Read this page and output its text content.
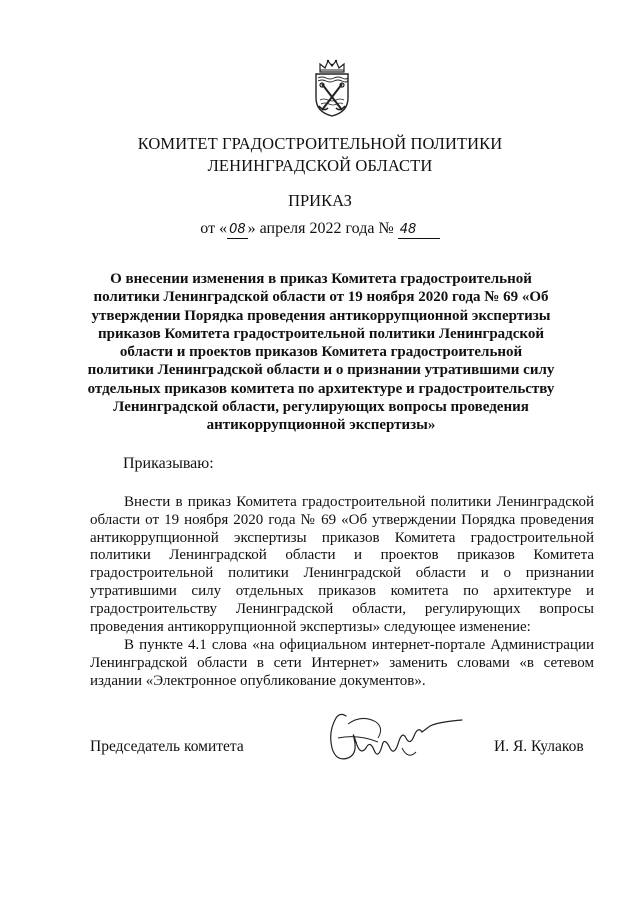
КОМИТЕТ ГРАДОСТРОИТЕЛЬНОЙ ПОЛИТИКИ
ЛЕНИНГРАДСКОЙ ОБЛАСТИ
ПРИКАЗ
от « 08 » апреля 2022 года № 48
О внесении изменения в приказ Комитета градостроительной политики Ленинградской области от 19 ноября 2020 года № 69 «Об утверждении Порядка проведения антикоррупционной экспертизы приказов Комитета градостроительной политики Ленинградской области и проектов приказов Комитета градостроительной политики Ленинградской области и о признании утратившими силу отдельных приказов комитета по архитектуре и градостроительству Ленинградской области, регулирующих вопросы проведения антикоррупционной экспертизы»
Приказываю:

Внести в приказ Комитета градостроительной политики Ленинградской области от 19 ноября 2020 года № 69 «Об утверждении Порядка проведения антикоррупционной экспертизы приказов Комитета градостроительной политики Ленинградской области и проектов приказов Комитета градостроительной политики Ленинградской области и о признании утратившими силу отдельных приказов комитета по архитектуре и градостроительству Ленинградской области, регулирующих вопросы проведения антикоррупционной экспертизы» следующее изменение:

В пункте 4.1 слова «на официальном интернет-портале Администрации Ленинградской области в сети Интернет» заменить словами «в сетевом издании «Электронное опубликование документов».

Председатель комитета	И. Я. Кулаков
